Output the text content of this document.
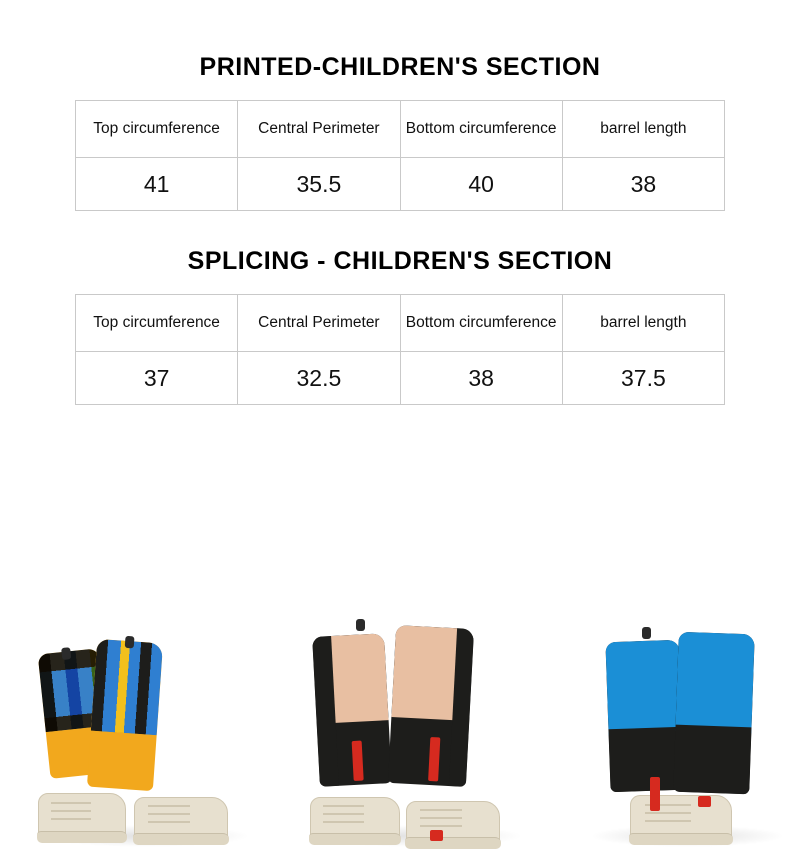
PRINTED-CHILDREN'S SECTION
Top circumference	Central Perimeter	Bottom circumference	barrel length
41	35.5	40	38
SPLICING - CHILDREN'S SECTION
Top circumference	Central Perimeter	Bottom circumference	barrel length
37	32.5	38	37.5
